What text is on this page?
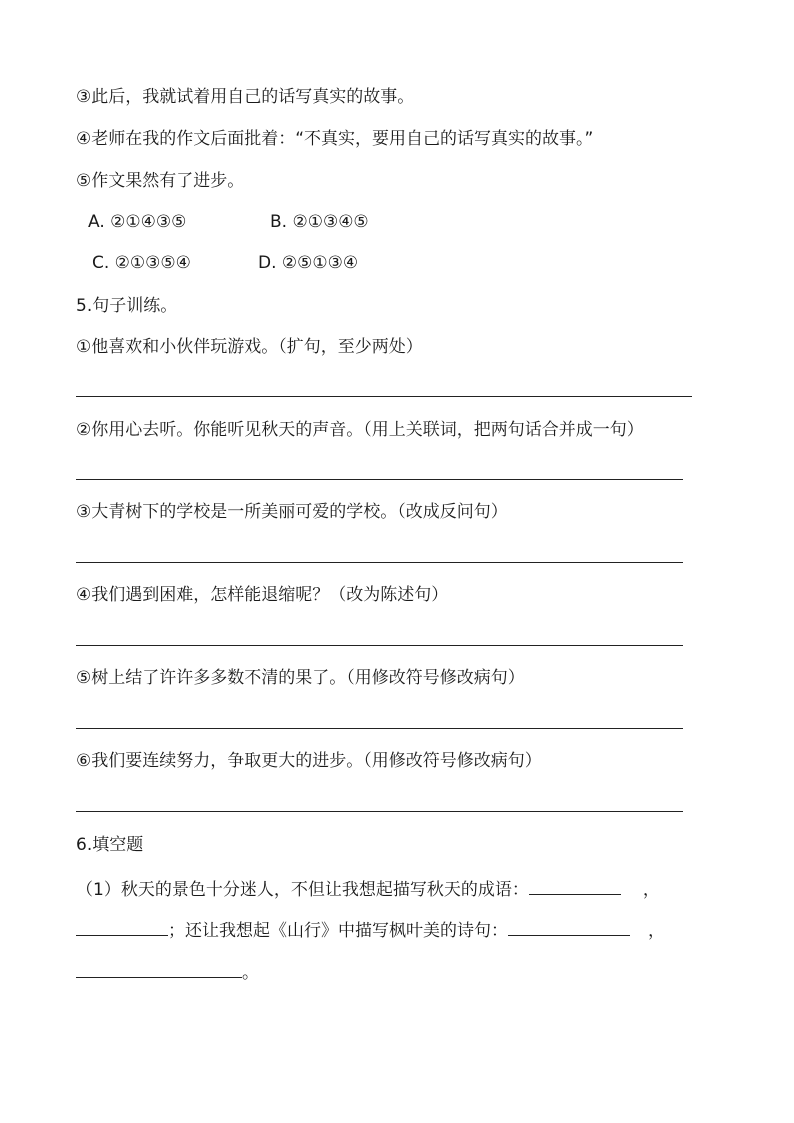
③此后，我就试着用自己的话写真实的故事。
④老师在我的作文后面批着：“不真实，要用自己的话写真实的故事。”
⑤作文果然有了进步。
A. ②①④③⑤	B. ②①③④⑤
C. ②①③⑤④	D. ②⑤①③④
5.句子训练。
①他喜欢和小伙伴玩游戏。（扩句，至少两处）
②你用心去听。你能听见秋天的声音。（用上关联词，把两句话合并成一句）
③大青树下的学校是一所美丽可爱的学校。（改成反问句）
④我们遇到困难，怎样能退缩呢？（改为陈述句）
⑤树上结了许许多多数不清的果了。（用修改符号修改病句）
⑥我们要连续努力，争取更大的进步。（用修改符号修改病句）
6.填空题
（1）秋天的景色十分迷人，不但让我想起描写秋天的成语：	，
；还让我想起《山行》中描写枫叶美的诗句：	，
。
